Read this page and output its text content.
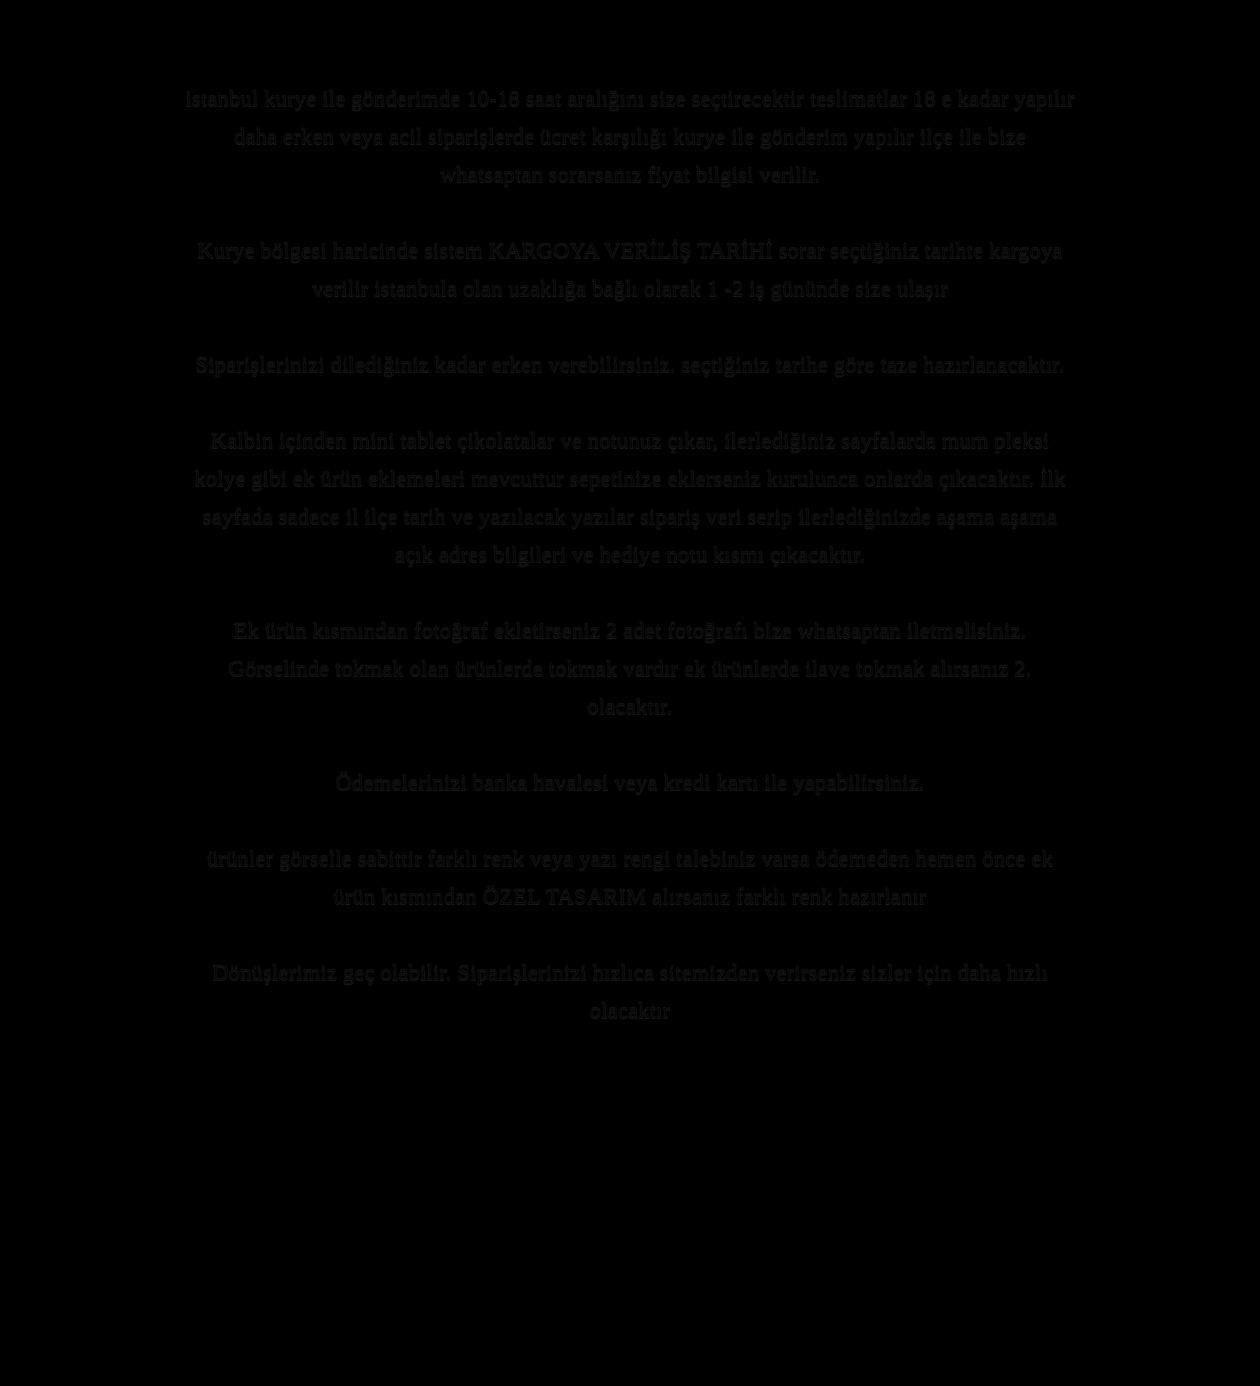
istanbul kurye ile gönderimde 10-18 saat aralığını size seçtirecektir teslimatlar 18 e kadar yapılır daha erken veya acil siparişlerde ücret karşılığı kurye ile gönderim yapılır ilçe ile bize whatsaptan sorarsanız fiyat bilgisi verilir.

Kurye bölgesi haricinde sistem KARGOYA VERİLİŞ TARİHİ sorar seçtiğiniz tarihte kargoya verilir istanbula olan uzaklığa bağlı olarak 1 -2 iş gününde size ulaşır

Siparişlerinizi dilediğiniz kadar erken verebilirsiniz. seçtiğiniz tarihe göre taze hazırlanacaktır.

Kalbin içinden mini tablet çikolatalar ve notunuz çıkar, ilerlediğiniz sayfalarda mum pleksi kolye gibi ek ürün eklemeleri mevcuttur sepetinize eklerseniz kurulunca onlarda çıkacaktır. İlk sayfada sadece il ilçe tarih ve yazılacak yazılar sipariş veri serip ilerlediğinizde aşama aşama açık adres bilgileri ve hediye notu kısmı çıkacaktır.

Ek ürün kısmından fotoğraf ekletirseniz 2 adet fotoğrafı bize whatsaptan iletmelisiniz.

Görselinde tokmak olan ürünlerde tokmak vardır ek ürünlerde ilave tokmak alırsanız 2. olacaktır.

Ödemelerinizi banka havalesi veya kredi kartı ile yapabilirsiniz.

ürünler görselle sabittir farklı renk veya yazı rengi talebiniz varsa ödemeden hemen önce ek ürün kısmından ÖZEL TASARIM alırsanız farklı renk hazırlanır

Dönüşlerimiz geç olabilir. Siparişlerinizi hızlıca sitemizden verirseniz sizler için daha hızlı olacaktır
